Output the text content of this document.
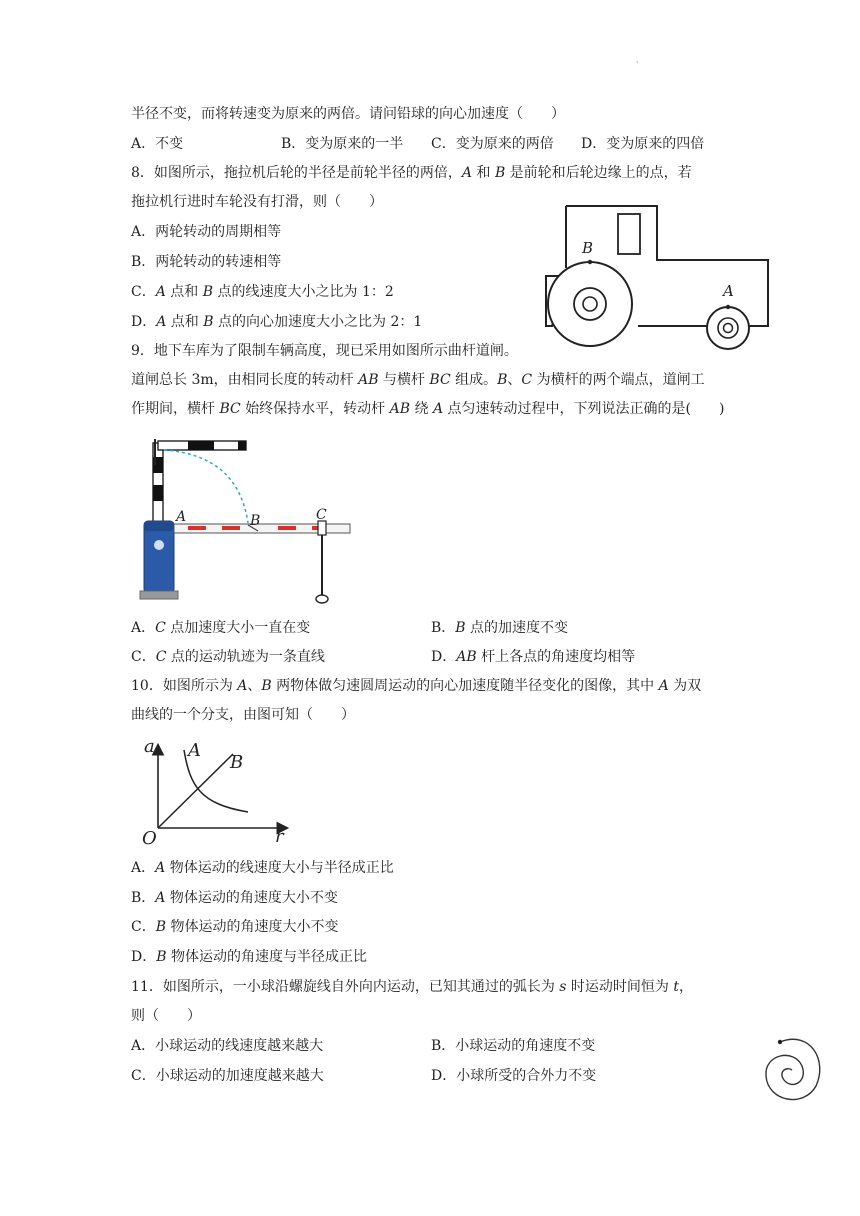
·
半径不变，而将转速变为原来的两倍。请问铅球的向心加速度（　　）
A．不变	B．变为原来的一半 C．变为原来的两倍 D．变为原来的四倍
8．如图所示，拖拉机后轮的半径是前轮半径的两倍，A 和 B 是前轮和后轮边缘上的点，若
拖拉机行进时车轮没有打滑，则（　　）
A．两轮转动的周期相等
B．两轮转动的转速相等
C．A 点和 B 点的线速度大小之比为 1：2
D．A 点和 B 点的向心加速度大小之比为 2：1
B
A
9．地下车库为了限制车辆高度，现已采用如图所示曲杆道闸。
道闸总长 3m，由相同长度的转动杆 AB 与横杆 BC 组成。B、C 为横杆的两个端点，道闸工
作期间，横杆 BC 始终保持水平，转动杆 AB 绕 A 点匀速转动过程中，下列说法正确的是(　　)
A	B	C
A．C 点加速度大小一直在变	B．B 点的加速度不变
C．C 点的运动轨迹为一条直线	D．AB 杆上各点的角速度均相等
10．如图所示为 A、B 两物体做匀速圆周运动的向心加速度随半径变化的图像，其中 A 为双
曲线的一个分支，由图可知（　　）
a
r
O
A
B
A．A 物体运动的线速度大小与半径成正比
B．A 物体运动的角速度大小不变
C．B 物体运动的角速度大小不变
D．B 物体运动的角速度与半径成正比
11．如图所示，一小球沿螺旋线自外向内运动，已知其通过的弧长为 s 时运动时间恒为 t，
则（　　）
A．小球运动的线速度越来越大	B．小球运动的角速度不变
C．小球运动的加速度越来越大	D．小球所受的合外力不变
